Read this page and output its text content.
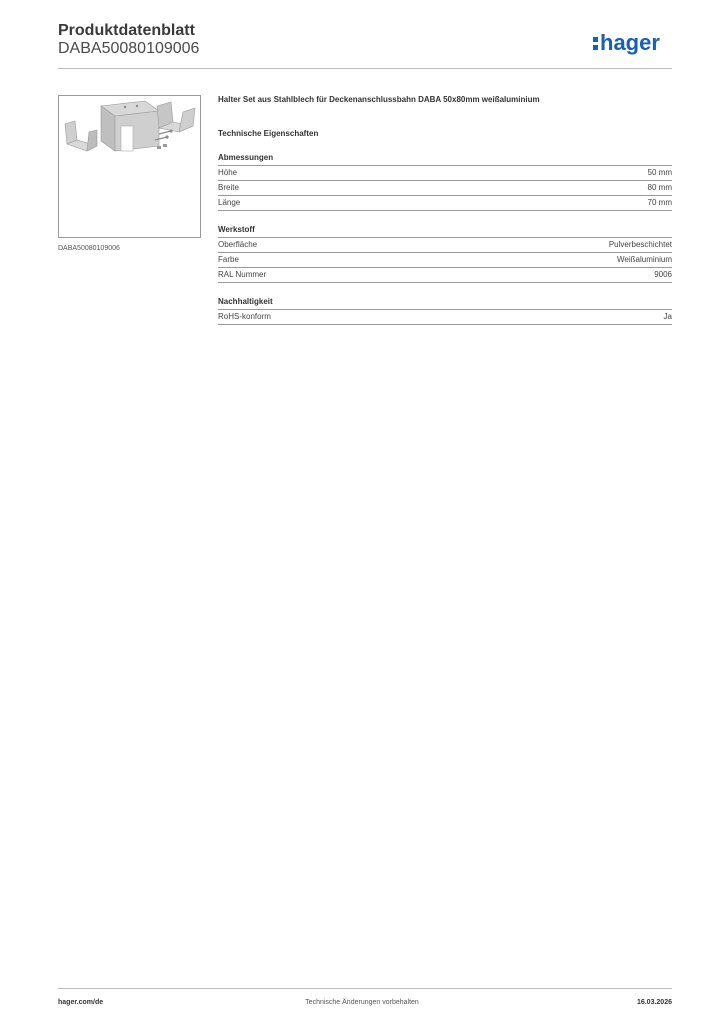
Produktdatenblatt
DABA50080109006	hager
DABA50080109006
Halter Set aus Stahlblech für Deckenanschlussbahn DABA 50x80mm weißaluminium
Technische Eigenschaften
Abmessungen
Höhe	50 mm
Breite	80 mm
Länge	70 mm
Werkstoff
Oberfläche	Pulverbeschichtet
Farbe	Weißaluminium
RAL Nummer	9006
Nachhaltigkeit
RoHS-konform	Ja
hager.com/de	Technische Änderungen vorbehalten	16.03.2026
